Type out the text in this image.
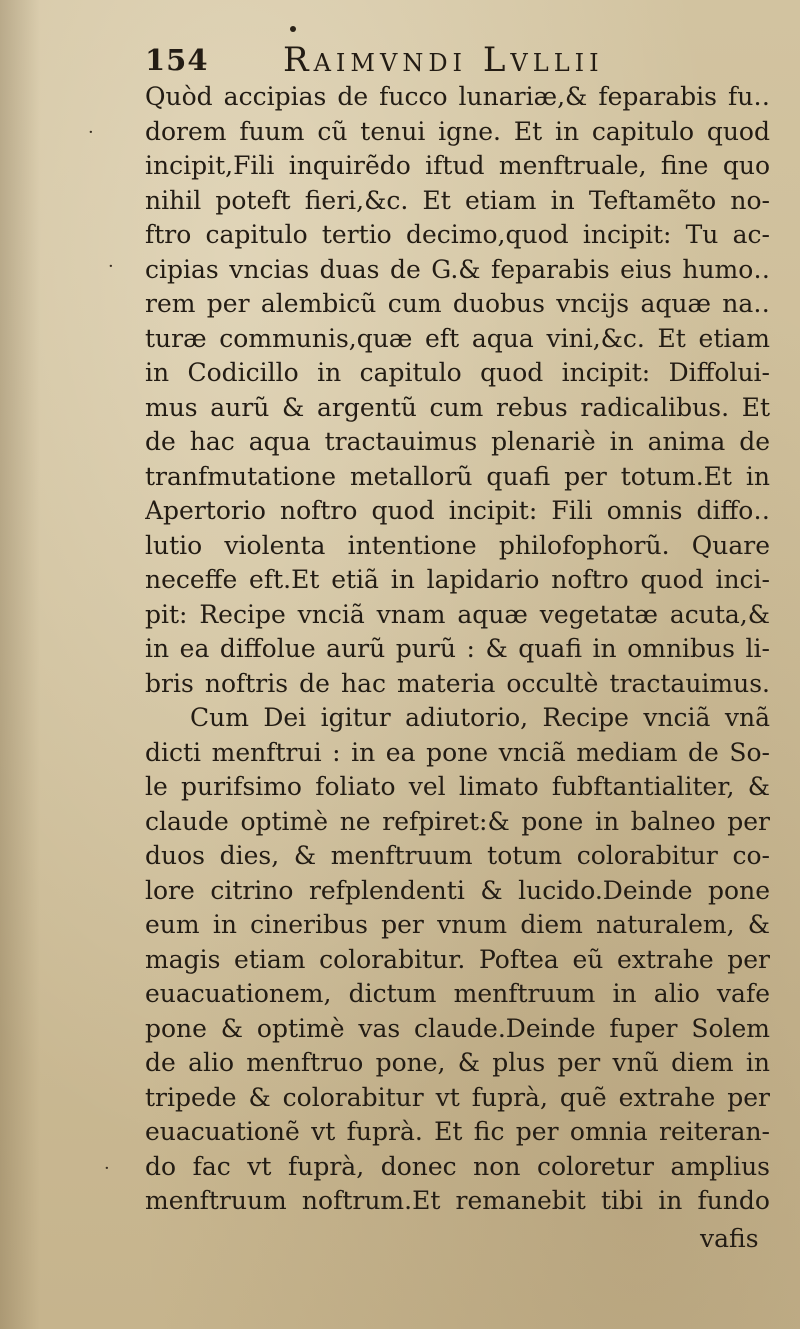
154 Raimvndi Lvllii
·
·
·
Quòd accipias de fucco lunariæ,& feparabis fu‥
dorem fuum cũ tenui igne. Et in capitulo quod
incipit,Fili inquirẽdo iftud menftruale, fine quo
nihil poteft fieri,&c. Et etiam in Teftamẽto no-
ftro capitulo tertio decimo,quod incipit: Tu ac-
cipias vncias duas de G.& feparabis eius humo‥
rem per alembicũ cum duobus vncijs aquæ na‥
turæ communis,quæ eft aqua vini,&c. Et etiam
in Codicillo in capitulo quod incipit: Diffolui-
mus aurũ & argentũ cum rebus radicalibus. Et
de hac aqua tractauimus plenariè in anima de
tranfmutatione metallorũ quafi per totum.Et in
Apertorio noftro quod incipit: Fili omnis diffo‥
lutio violenta intentione philofophorũ. Quare
neceffe eft.Et etiã in lapidario noftro quod inci-
pit: Recipe vnciã vnam aquæ vegetatæ acuta,&
in ea diffolue aurũ purũ : & quafi in omnibus li-
bris noftris de hac materia occultè tractauimus.
Cum Dei igitur adiutorio, Recipe vnciã vnã
dicti menftrui : in ea pone vnciã mediam de So-
le purifsimo foliato vel limato fubftantialiter, &
claude optimè ne refpiret:& pone in balneo per
duos dies, & menftruum totum colorabitur co-
lore citrino refplendenti & lucido.Deinde pone
eum in cineribus per vnum diem naturalem, &
magis etiam colorabitur. Poftea eũ extrahe per
euacuationem, dictum menftruum in alio vafe
pone & optimè vas claude.Deinde fuper Solem
de alio menftruo pone, & plus per vnũ diem in
tripede & colorabitur vt fuprà, quẽ extrahe per
euacuationẽ vt fuprà. Et fic per omnia reiteran-
do fac vt fuprà, donec non coloretur amplius
menftruum noftrum.Et remanebit tibi in fundo
vafis
